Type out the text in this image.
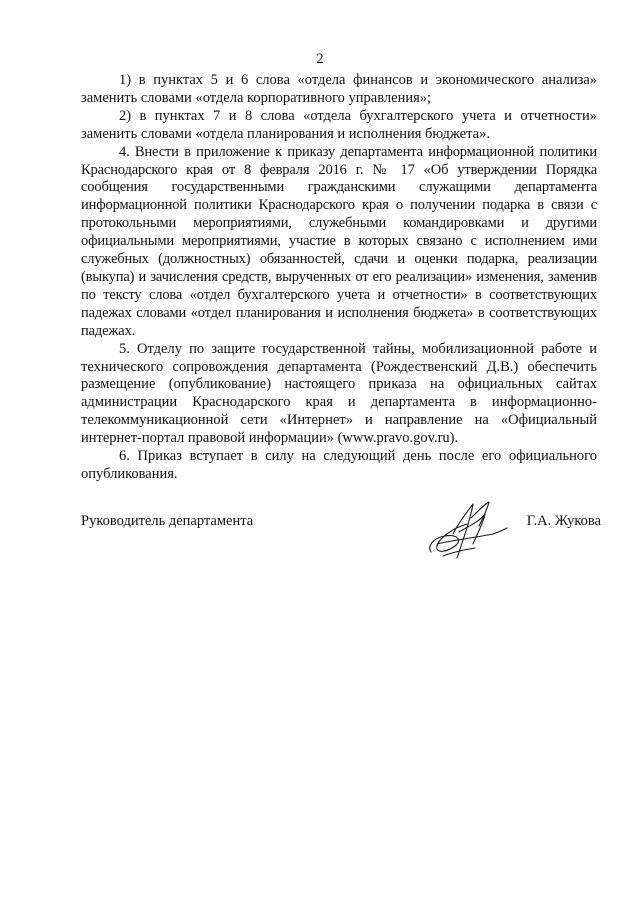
2

1) в пунктах 5 и 6 слова «отдела финансов и экономического анализа» заменить словами «отдела корпоративного управления»;

2) в пунктах 7 и 8 слова «отдела бухгалтерского учета и отчетности» заменить словами «отдела планирования и исполнения бюджета».

4. Внести в приложение к приказу департамента информационной политики Краснодарского края от 8 февраля 2016 г. № 17 «Об утверждении Порядка сообщения государственными гражданскими служащими департамента информационной политики Краснодарского края о получении подарка в связи с протокольными мероприятиями, служебными командировками и другими официальными мероприятиями, участие в которых связано с исполнением ими служебных (должностных) обязанностей, сдачи и оценки подарка, реализации (выкупа) и зачисления средств, вырученных от его реализации» изменения, заменив по тексту слова «отдел бухгалтерского учета и отчетности» в соответствующих падежах словами «отдел планирования и исполнения бюджета» в соответствующих падежах.

5. Отделу по защите государственной тайны, мобилизационной работе и технического сопровождения департамента (Рождественский Д.В.) обеспечить размещение (опубликование) настоящего приказа на официальных сайтах администрации Краснодарского края и департамента в информационно-телекоммуникационной сети «Интернет» и направление на «Официальный интернет-портал правовой информации» (www.pravo.gov.ru).

6. Приказ вступает в силу на следующий день после его официального опубликования.

Руководитель департамента	Г.А. Жукова
